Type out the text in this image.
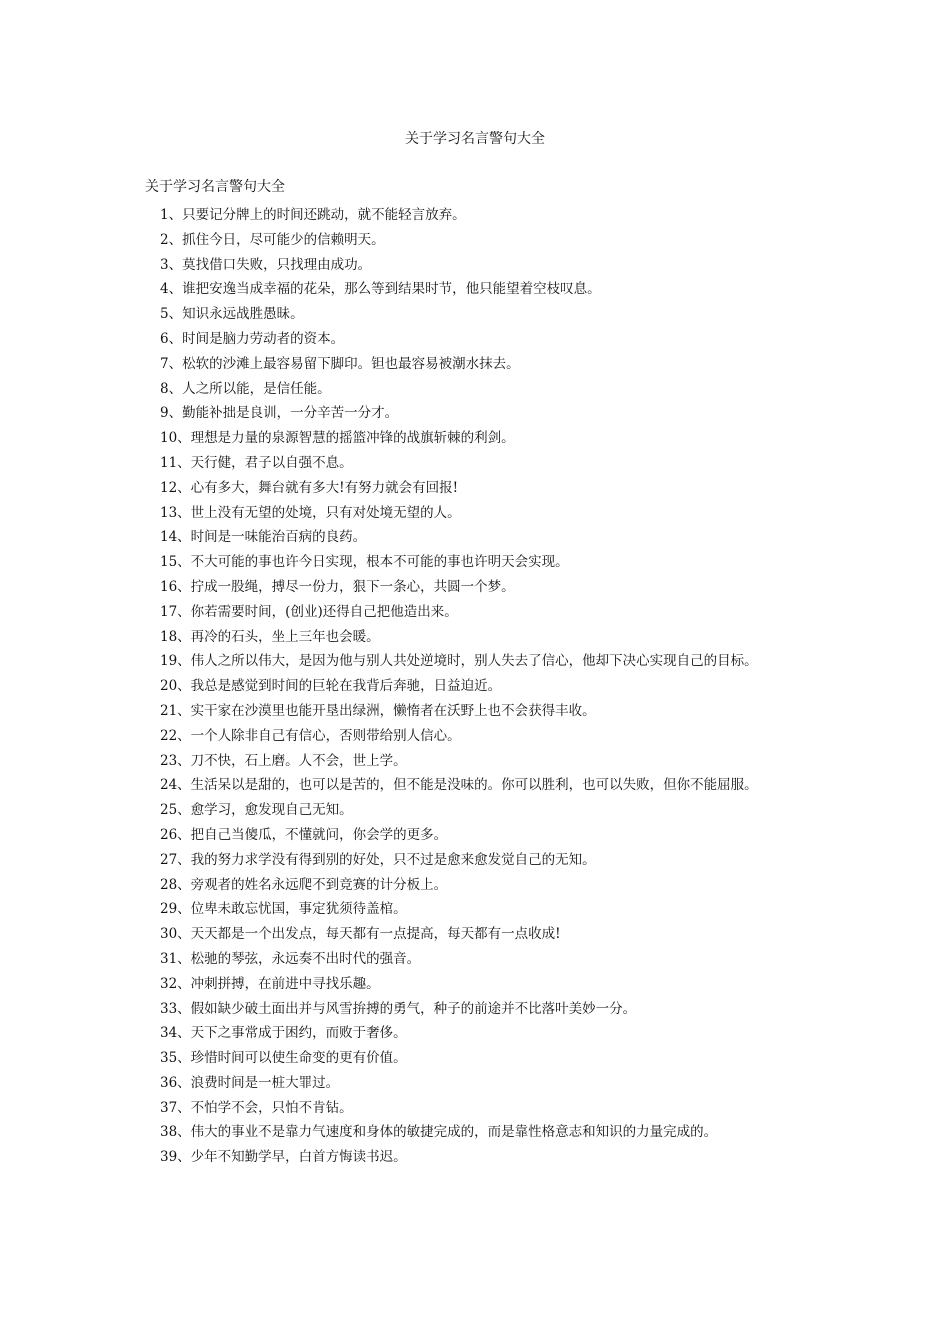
关于学习名言警句大全
关于学习名言警句大全
1、只要记分牌上的时间还跳动，就不能轻言放弃。
2、抓住今日，尽可能少的信赖明天。
3、莫找借口失败，只找理由成功。
4、谁把安逸当成幸福的花朵，那么等到结果时节，他只能望着空枝叹息。
5、知识永远战胜愚昧。
6、时间是脑力劳动者的资本。
7、松软的沙滩上最容易留下脚印。钽也最容易被潮水抹去。
8、人之所以能，是信任能。
9、勤能补拙是良训，一分辛苦一分才。
10、理想是力量的泉源智慧的摇篮冲锋的战旗斩棘的利剑。
11、天行健，君子以自强不息。
12、心有多大，舞台就有多大!有努力就会有回报!
13、世上没有无望的处境，只有对处境无望的人。
14、时间是一味能治百病的良药。
15、不大可能的事也许今日实现，根本不可能的事也许明天会实现。
16、拧成一股绳，搏尽一份力，狠下一条心，共圆一个梦。
17、你若需要时间，(创业)还得自己把他造出来。
18、再冷的石头，坐上三年也会暖。
19、伟人之所以伟大，是因为他与别人共处逆境时，别人失去了信心，他却下决心实现自己的目标。
20、我总是感觉到时间的巨轮在我背后奔驰，日益迫近。
21、实干家在沙漠里也能开垦出绿洲，懒惰者在沃野上也不会获得丰收。
22、一个人除非自己有信心，否则带给别人信心。
23、刀不快，石上磨。人不会，世上学。
24、生活呆以是甜的，也可以是苦的，但不能是没味的。你可以胜利，也可以失败，但你不能屈服。
25、愈学习，愈发现自己无知。
26、把自己当傻瓜，不懂就问，你会学的更多。
27、我的努力求学没有得到别的好处，只不过是愈来愈发觉自己的无知。
28、旁观者的姓名永远爬不到竞赛的计分板上。
29、位卑未敢忘忧国，事定犹须待盖棺。
30、天天都是一个出发点，每天都有一点提高，每天都有一点收成!
31、松驰的琴弦，永远奏不出时代的强音。
32、冲刺拼搏，在前进中寻找乐趣。
33、假如缺少破土面出并与风雪拚搏的勇气，种子的前途并不比落叶美妙一分。
34、天下之事常成于困约，而败于奢侈。
35、珍惜时间可以使生命变的更有价值。
36、浪费时间是一桩大罪过。
37、不怕学不会，只怕不肯钻。
38、伟大的事业不是靠力气速度和身体的敏捷完成的，而是靠性格意志和知识的力量完成的。
39、少年不知勤学早，白首方悔读书迟。
